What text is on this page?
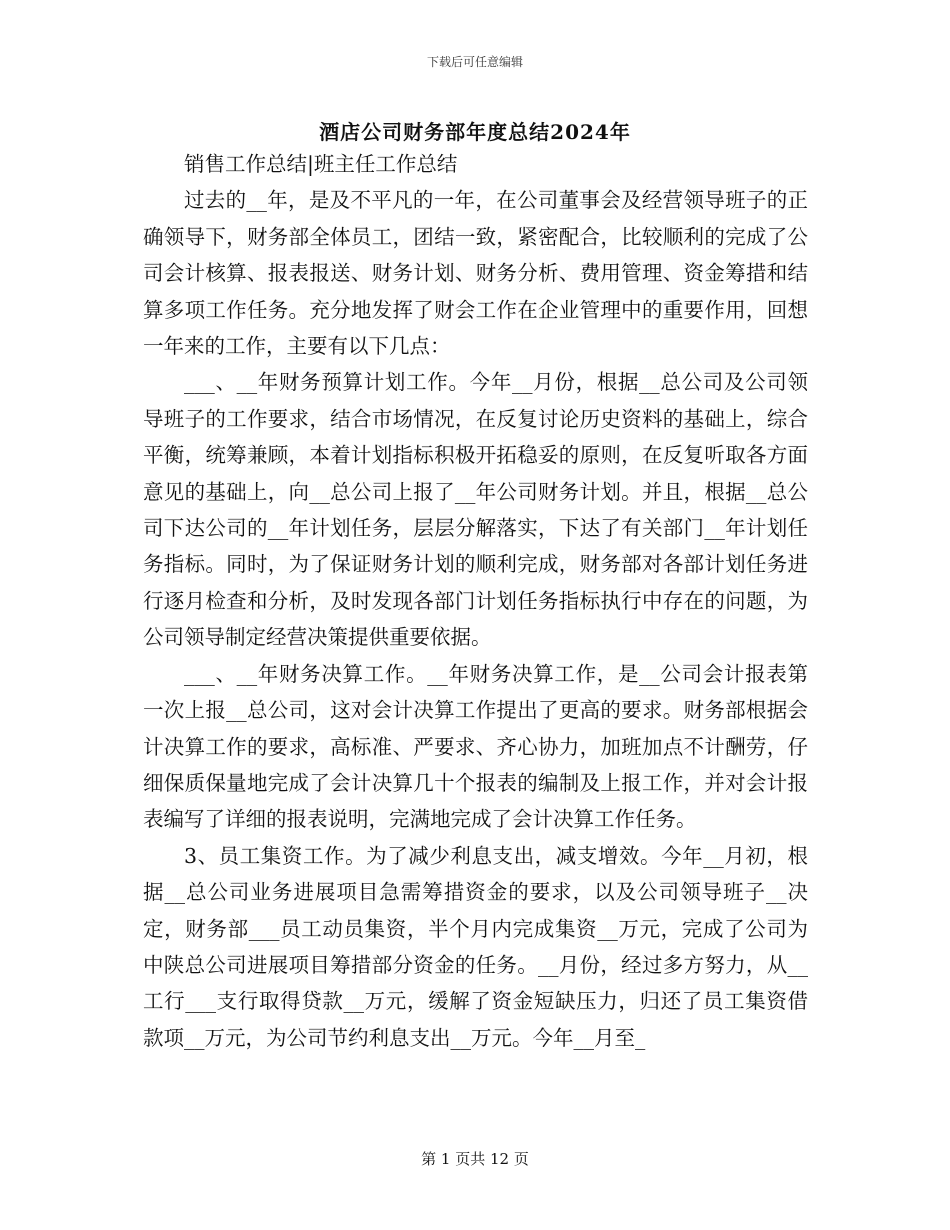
下载后可任意编辑
酒店公司财务部年度总结2024年

销售工作总结|班主任工作总结

过去的__年，是及不平凡的一年，在公司董事会及经营领导班子的正确领导下，财务部全体员工，团结一致，紧密配合，比较顺利的完成了公司会计核算、报表报送、财务计划、财务分析、费用管理、资金筹措和结算多项工作任务。充分地发挥了财会工作在企业管理中的重要作用，回想一年来的工作，主要有以下几点：

___、__年财务预算计划工作。今年__月份，根据__总公司及公司领导班子的工作要求，结合市场情况，在反复讨论历史资料的基础上，综合平衡，统筹兼顾，本着计划指标积极开拓稳妥的原则，在反复听取各方面意见的基础上，向__总公司上报了__年公司财务计划。并且，根据__总公司下达公司的__年计划任务，层层分解落实，下达了有关部门__年计划任务指标。同时，为了保证财务计划的顺利完成，财务部对各部计划任务进行逐月检查和分析，及时发现各部门计划任务指标执行中存在的问题，为公司领导制定经营决策提供重要依据。

___、__年财务决算工作。__年财务决算工作，是__公司会计报表第一次上报__总公司，这对会计决算工作提出了更高的要求。财务部根据会计决算工作的要求，高标准、严要求、齐心协力，加班加点不计酬劳，仔细保质保量地完成了会计决算几十个报表的编制及上报工作，并对会计报表编写了详细的报表说明，完满地完成了会计决算工作任务。

3、员工集资工作。为了减少利息支出，减支增效。今年__月初，根据__总公司业务进展项目急需筹措资金的要求，以及公司领导班子__决定，财务部___员工动员集资，半个月内完成集资__万元，完成了公司为中陕总公司进展项目筹措部分资金的任务。__月份，经过多方努力，从__工行___支行取得贷款__万元，缓解了资金短缺压力，归还了员工集资借款项__万元，为公司节约利息支出__万元。今年__月至_

第 1 页共 12 页
